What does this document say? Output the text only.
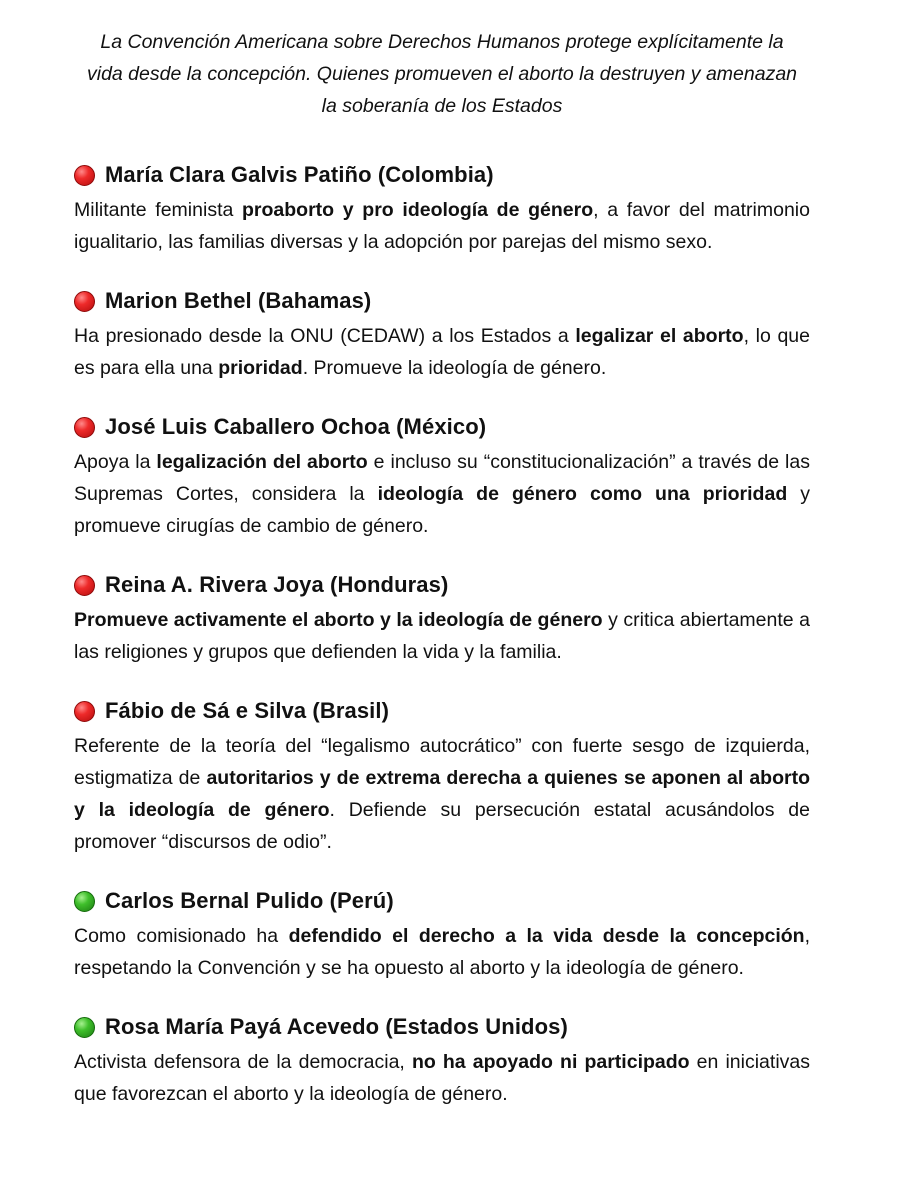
La Convención Americana sobre Derechos Humanos protege explícitamente la vida desde la concepción. Quienes promueven el aborto la destruyen y amenazan la soberanía de los Estados

María Clara Galvis Patiño (Colombia)

Militante feminista proaborto y pro ideología de género, a favor del matrimonio igualitario, las familias diversas y la adopción por parejas del mismo sexo.

Marion Bethel (Bahamas)

Ha presionado desde la ONU (CEDAW) a los Estados a legalizar el aborto, lo que es para ella una prioridad. Promueve la ideología de género.

José Luis Caballero Ochoa (México)

Apoya la legalización del aborto e incluso su “constitucionalización” a través de las Supremas Cortes, considera la ideología de género como una prioridad y promueve cirugías de cambio de género.

Reina A. Rivera Joya (Honduras)

Promueve activamente el aborto y la ideología de género y critica abiertamente a las religiones y grupos que defienden la vida y la familia.

Fábio de Sá e Silva (Brasil)

Referente de la teoría del “legalismo autocrático” con fuerte sesgo de izquierda, estigmatiza de autoritarios y de extrema derecha a quienes se aponen al aborto y la ideología de género. Defiende su persecución estatal acusándolos de promover “discursos de odio”.

Carlos Bernal Pulido (Perú)

Como comisionado ha defendido el derecho a la vida desde la concepción, respetando la Convención y se ha opuesto al aborto y la ideología de género.

Rosa María Payá Acevedo (Estados Unidos)

Activista defensora de la democracia, no ha apoyado ni participado en iniciativas que favorezcan el aborto y la ideología de género.
